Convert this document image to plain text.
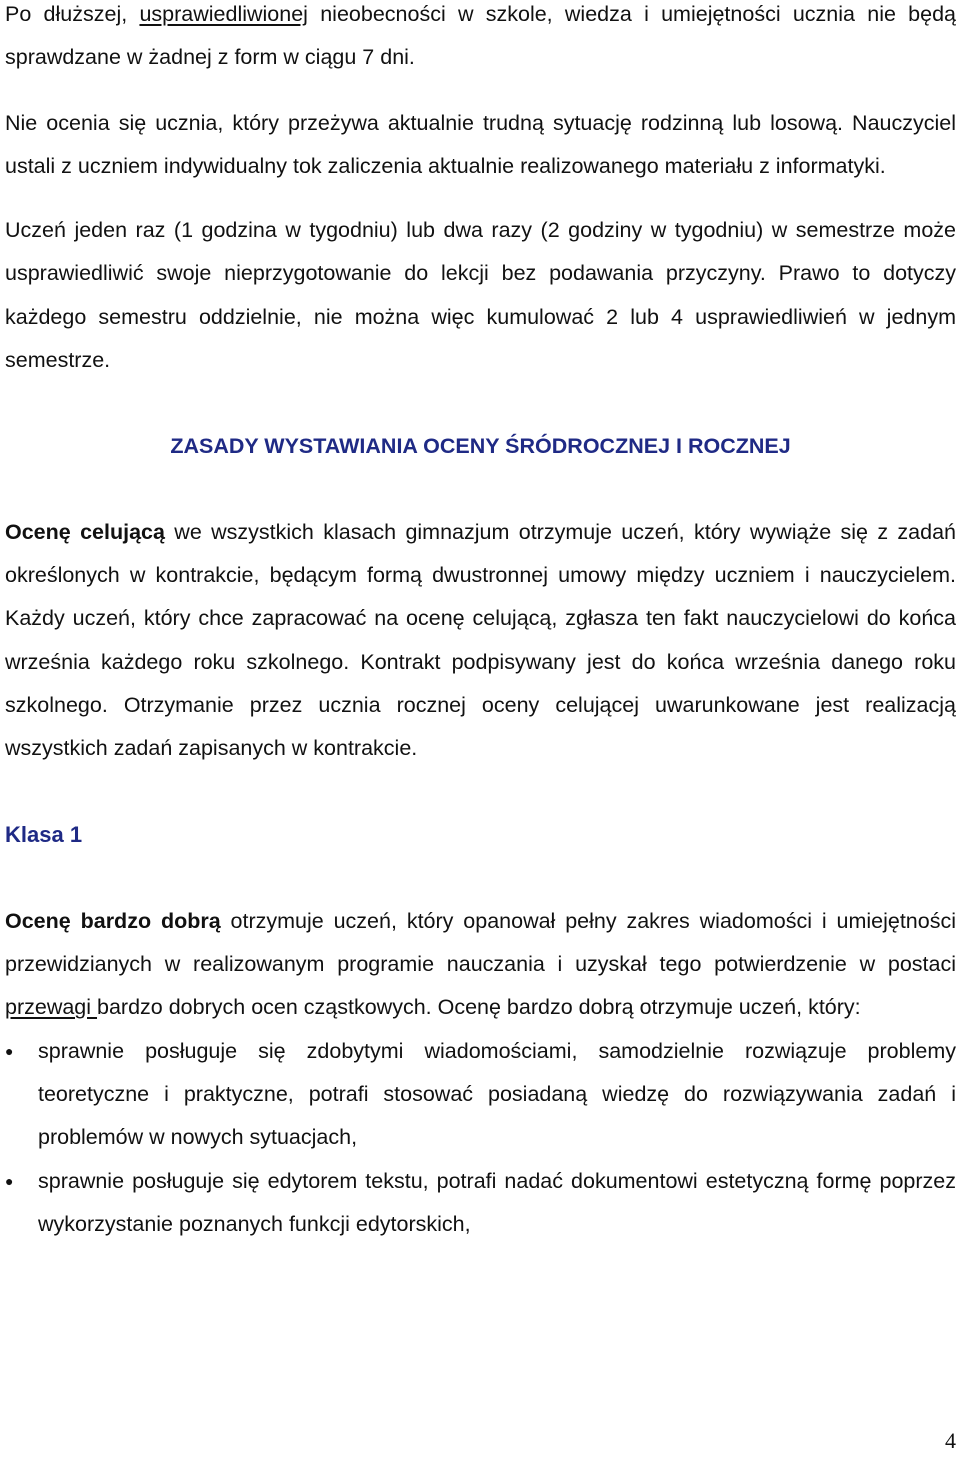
Po dłuższej, usprawiedliwionej nieobecności w szkole, wiedza i umiejętności ucznia nie będą sprawdzane w żadnej z form w ciągu 7 dni.

Nie ocenia się ucznia, który przeżywa aktualnie trudną sytuację rodzinną lub losową. Nauczyciel ustali z uczniem indywidualny tok zaliczenia aktualnie realizowanego materiału z informatyki.

Uczeń jeden raz (1 godzina w tygodniu) lub dwa razy (2 godziny w tygodniu) w semestrze może usprawiedliwić swoje nieprzygotowanie do lekcji bez podawania przyczyny. Prawo to dotyczy każdego semestru oddzielnie, nie można więc kumulować 2 lub 4 usprawiedliwień w jednym semestrze.

ZASADY WYSTAWIANIA OCENY ŚRÓDROCZNEJ I ROCZNEJ

Ocenę celującą we wszystkich klasach gimnazjum otrzymuje uczeń, który wywiąże się z zadań określonych w kontrakcie, będącym formą dwustronnej umowy między uczniem i nauczycielem. Każdy uczeń, który chce zapracować na ocenę celującą, zgłasza ten fakt nauczycielowi do końca września każdego roku szkolnego. Kontrakt podpisywany jest do końca września danego roku szkolnego. Otrzymanie przez ucznia rocznej oceny celującej uwarunkowane jest realizacją wszystkich zadań zapisanych w kontrakcie.

Klasa 1

Ocenę bardzo dobrą otrzymuje uczeń, który opanował pełny zakres wiadomości i umiejętności przewidzianych w realizowanym programie nauczania i uzyskał tego potwierdzenie w postaci przewagi bardzo dobrych ocen cząstkowych. Ocenę bardzo dobrą otrzymuje uczeń, który:

● sprawnie posługuje się zdobytymi wiadomościami, samodzielnie rozwiązuje problemy teoretyczne i praktyczne, potrafi stosować posiadaną wiedzę do rozwiązywania zadań i problemów w nowych sytuacjach,
● sprawnie posługuje się edytorem tekstu, potrafi nadać dokumentowi estetyczną formę poprzez wykorzystanie poznanych funkcji edytorskich,
4
